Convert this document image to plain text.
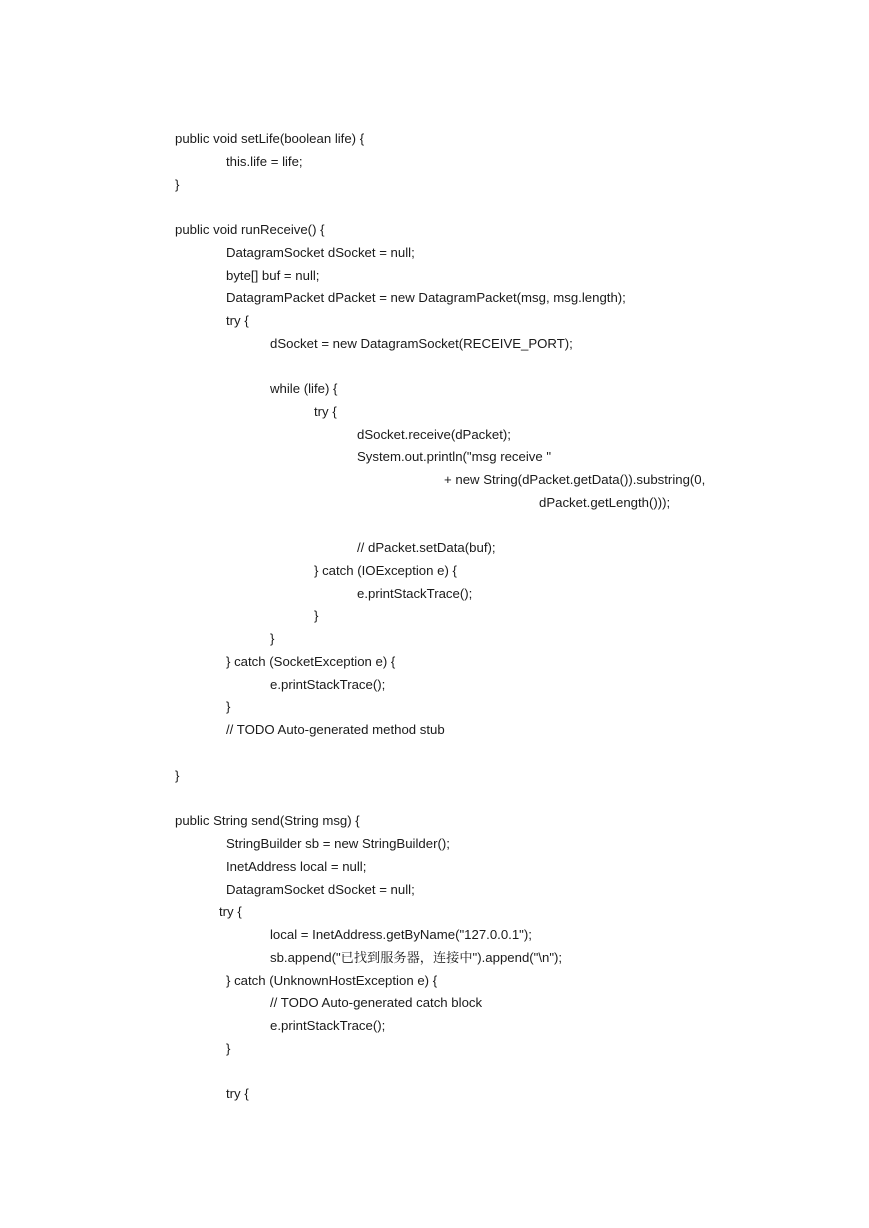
public void setLife(boolean life) {
this.life = life;
}
public void runReceive() {
DatagramSocket dSocket = null;
byte[] buf = null;
DatagramPacket dPacket = new DatagramPacket(msg, msg.length);
try {
dSocket = new DatagramSocket(RECEIVE_PORT);
while (life) {
try {
dSocket.receive(dPacket);
System.out.println("msg receive "
+ new String(dPacket.getData()).substring(0,
dPacket.getLength()));
// dPacket.setData(buf);
} catch (IOException e) {
e.printStackTrace();
}
}
} catch (SocketException e) {
e.printStackTrace();
}
// TODO Auto-generated method stub
}
public String send(String msg) {
StringBuilder sb = new StringBuilder();
InetAddress local = null;
DatagramSocket dSocket = null;
try {
local = InetAddress.getByName("127.0.0.1");
sb.append("已找到服务器，连接中").append("\n");
} catch (UnknownHostException e) {
// TODO Auto-generated catch block
e.printStackTrace();
}
try {
